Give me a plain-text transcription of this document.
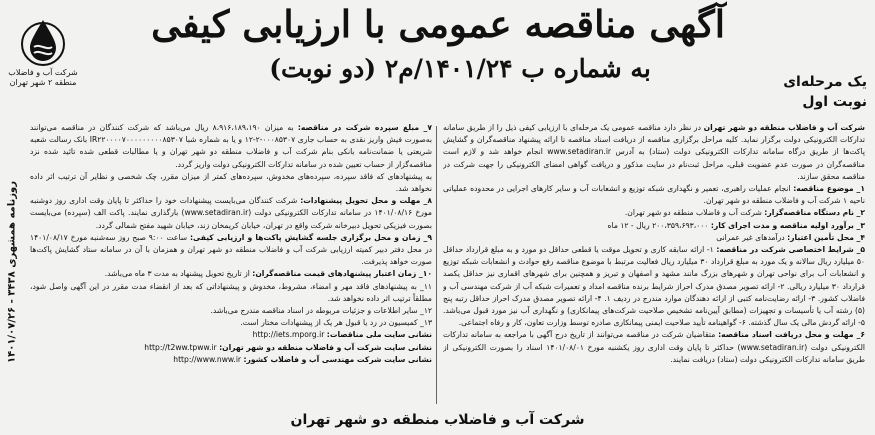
شرکت آب و فاضلاب
منطقه ۲ شهر تهران
آگهی مناقصه عمومی با ارزیابی کیفی
به شماره ب ۱۴۰۱/۲۴/م۲ (دو نوبت)	یک مرحله‌ای
نوبت اول
روزنامه همشهری ۳۴۳۸ - ۱۴۰۱/۰۷/۲۶

شرکت آب و فاضلاب منطقه دو شهر تهران در نظر دارد مناقصه عمومی یک مرحله‌ای با ارزیابی کیفی ذیل را از طریق سامانه تدارکات الکترونیکی دولت برگزار نماید. کلیه مراحل برگزاری مناقصه از دریافت اسناد مناقصه تا ارائه پیشنهاد مناقصه‌گران و گشایش پاکت‌ها از طریق درگاه سامانه تدارکات الکترونیکی دولت (ستاد) به آدرس www.setadiran.ir انجام خواهد شد و لازم است مناقصه‌گران در صورت عدم عضویت قبلی، مراحل ثبت‌نام در سایت مذکور و دریافت گواهی امضای الکترونیکی را جهت شرکت در مناقصه محقق سازند.

۱_ موضوع مناقصه: انجام عملیات راهبری، تعمیر و نگهداری شبکه توزیع و انشعابات آب و سایر کارهای اجرایی در محدوده عملیاتی ناحیه ۱ شرکت آب و فاضلاب منطقه دو شهر تهران.

۲_ نام دستگاه مناقصه‌گزار: شرکت آب و فاضلاب منطقه دو شهر تهران.

۳_ برآورد اولیه مناقصه و مدت اجرای کار: ۲۰۰،۳۵۹،۶۹۳،۰۰۰ ریال - ۱۲ ماه

۴_ محل تأمین اعتبار: درآمدهای غیر عمرانی

۵_ شرایط اختصاصی شرکت در مناقصه: ۱- ارائه سابقه کاری و تحویل موقت یا قطعی حداقل دو مورد و به مبلغ قرارداد حداقل ۵۰ میلیارد ریال سالانه و یک مورد به مبلغ قرارداد ۳۰ میلیارد ریال فعالیت مرتبط با موضوع مناقصه رفع حوادث و انشعابات شبکه توزیع و انشعابات آب برای نواحی تهران و شهرهای بزرگ مانند مشهد و اصفهان و تبریز و همچنین برای شهرهای اقماری نیز حداقل یکصد قرارداد ۳۰ میلیارد ریالی. ۲- ارائه تصویر مصدق مدرک احراز شرایط برنده مناقصه امداد و تعمیرات شبکه آب از شرکت مهندسی آب و فاضلاب کشور. ۳- ارائه رضایت‌نامه کتبی از ارائه دهندگان موارد مندرج در ردیف ۱. ۴- ارائه تصویر مصدق مدرک احراز حداقل رتبه پنج (۵) رشته آب یا تأسیسات و تجهیزات (مطابق آیین‌نامه تشخیص صلاحیت شرکت‌های پیمانکاری) و نگهداری آب نیز مورد قبول می‌باشد. ۵- ارائه گردش مالی یک سال گذشته. ۶- گواهینامه تأیید صلاحیت ایمنی پیمانکاری صادره توسط وزارت تعاون، کار و رفاه اجتماعی.

۶_ مهلت و محل دریافت اسناد مناقصه: متقاضیان شرکت در مناقصه می‌توانند از تاریخ درج آگهی با مراجعه به سامانه تدارکات الکترونیکی دولت (www.setadiran.ir) حداکثر تا پایان وقت اداری روز یکشنبه مورخ ۱۴۰۱/۰۸/۰۱ اسناد را بصورت الکترونیکی از طریق سامانه تدارکات الکترونیکی دولت (ستاد) دریافت نمایند.

۷_ مبلغ سپرده شرکت در مناقصه: به میزان ۸،۹۱۶،۱۸۹،۱۹۰ ریال می‌باشد که شرکت کنندگان در مناقصه می‌توانند به‌صورت فیش واریز نقدی به حساب جاری ۰۰۰۸۵۳۰۷-۲-۱۲ و یا به شماره شبا IR۲۲۰۰۰۰۷۰۰۰۰۰۰۰۰۰۸۵۳۰۷ بانک رسالت شعبه شریعتی یا ضمانت‌نامه بانکی بنام شرکت آب و فاضلاب منطقه دو شهر تهران و یا مطالبات قطعی شده تائید شده نزد مناقصه‌گزار از حساب تعیین شده در سامانه تدارکات الکترونیکی دولت واریز گردد.

به پیشنهادهای که فاقد سپرده، سپرده‌های مخدوش، سپرده‌های کمتر از میزان مقرر، چک شخصی و نظایر آن ترتیب اثر داده نخواهد شد.

۸_ مهلت و محل تحویل پیشنهادات: شرکت کنندگان می‌بایست پیشنهادات خود را حداکثر تا پایان وقت اداری روز دوشنبه مورخ ۱۴۰۱/۰۸/۱۶ در سامانه تدارکات الکترونیکی دولت (www.setadiran.ir) بارگذاری نمایند. پاکت الف (سپرده) می‌بایست بصورت فیزیکی تحویل دبیرخانه شرکت واقع در تهران، خیابان کریمخان زند، خیابان شهید مفتح شمالی گردد.

۹_ زمان و محل برگزاری جلسه گشایش پاکت‌ها و ارزیابی کیفی: ساعت ۹:۰۰ صبح روز سه‌شنبه مورخ ۱۴۰۱/۰۸/۱۷ در محل دفتر دبیر کمیته ارزیابی شرکت آب و فاضلاب منطقه دو شهر تهران و همزمان با آن در سامانه ستاد گشایش پاکت‌ها صورت خواهد پذیرفت.

۱۰_ زمان اعتبار پیشنهادهای قیمت مناقصه‌گران: از تاریخ تحویل پیشنهاد به مدت ۳ ماه می‌باشد.

۱۱_ به پیشنهادهای فاقد مهر و امضاء، مشروط، مخدوش و پیشنهاداتی که بعد از انقضاء مدت مقرر در این آگهی واصل شود، مطلقاً ترتیب اثر داده نخواهد شد.

۱۲_ سایر اطلاعات و جزئیات مربوطه در اسناد مناقصه مندرج می‌باشد.

۱۳_ کمیسیون در رد یا قبول هر یک از پیشنهادات مختار است.

نشانی سایت ملی مناقصات: http://iets.mporg.ir

نشانی سایت شرکت آب و فاضلاب منطقه دو شهر تهران: http://t2ww.tpww.ir

نشانی سایت شرکت مهندسی آب و فاضلاب کشور: http://www.nww.ir

شرکت آب و فاضلاب منطقه دو شهر تهران
